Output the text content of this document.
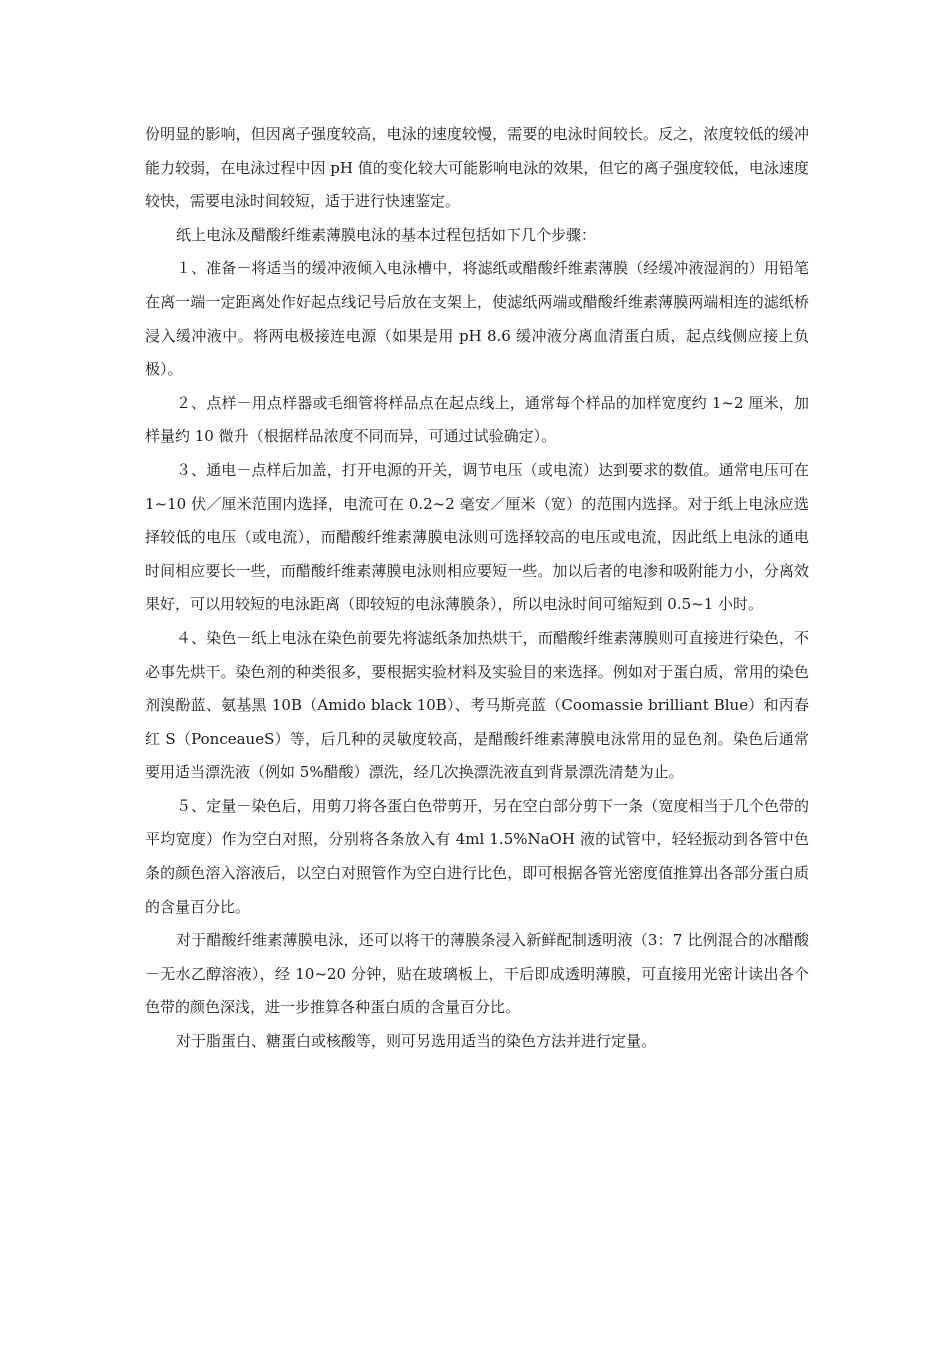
份明显的影响，但因离子强度较高，电泳的速度较慢，需要的电泳时间较长。反之，浓度较低的缓冲能力较弱，在电泳过程中因 pH 值的变化较大可能影响电泳的效果，但它的离子强度较低，电泳速度较快，需要电泳时间较短，适于进行快速鉴定。

纸上电泳及醋酸纤维素薄膜电泳的基本过程包括如下几个步骤：

１、准备－将适当的缓冲液倾入电泳槽中，将滤纸或醋酸纤维素薄膜（经缓冲液湿润的）用铅笔在离一端一定距离处作好起点线记号后放在支架上，使滤纸两端或醋酸纤维素薄膜两端相连的滤纸桥浸入缓冲液中。将两电极接连电源（如果是用 pH 8.6 缓冲液分离血清蛋白质，起点线侧应接上负极）。

２、点样－用点样器或毛细管将样品点在起点线上，通常每个样品的加样宽度约 1~2 厘米，加样量约 10 微升（根据样品浓度不同而异，可通过试验确定）。

３、通电－点样后加盖，打开电源的开关，调节电压（或电流）达到要求的数值。通常电压可在 1~10 伏／厘米范围内选择，电流可在 0.2~2 毫安／厘米（宽）的范围内选择。对于纸上电泳应选择较低的电压（或电流），而醋酸纤维素薄膜电泳则可选择较高的电压或电流，因此纸上电泳的通电时间相应要长一些，而醋酸纤维素薄膜电泳则相应要短一些。加以后者的电渗和吸附能力小，分离效果好，可以用较短的电泳距离（即较短的电泳薄膜条），所以电泳时间可缩短到 0.5~1 小时。

４、染色－纸上电泳在染色前要先将滤纸条加热烘干，而醋酸纤维素薄膜则可直接进行染色，不必事先烘干。染色剂的种类很多，要根据实验材料及实验目的来选择。例如对于蛋白质，常用的染色剂溴酚蓝、氨基黑 10B（Amido black 10B）、考马斯亮蓝（Coomassie brilliant Blue）和丙春红 S（PonceaueS）等，后几种的灵敏度较高，是醋酸纤维素薄膜电泳常用的显色剂。染色后通常要用适当漂洗液（例如 5%醋酸）漂洗，经几次换漂洗液直到背景漂洗清楚为止。

５、定量－染色后，用剪刀将各蛋白色带剪开，另在空白部分剪下一条（宽度相当于几个色带的平均宽度）作为空白对照，分别将各条放入有 4ml 1.5%NaOH 液的试管中，轻轻振动到各管中色条的颜色溶入溶液后，以空白对照管作为空白进行比色，即可根据各管光密度值推算出各部分蛋白质的含量百分比。

对于醋酸纤维素薄膜电泳，还可以将干的薄膜条浸入新鲜配制透明液（3：7 比例混合的冰醋酸－无水乙醇溶液），经 10~20 分钟，贴在玻璃板上，干后即成透明薄膜，可直接用光密计读出各个色带的颜色深浅，进一步推算各种蛋白质的含量百分比。

对于脂蛋白、糖蛋白或核酸等，则可另选用适当的染色方法并进行定量。
